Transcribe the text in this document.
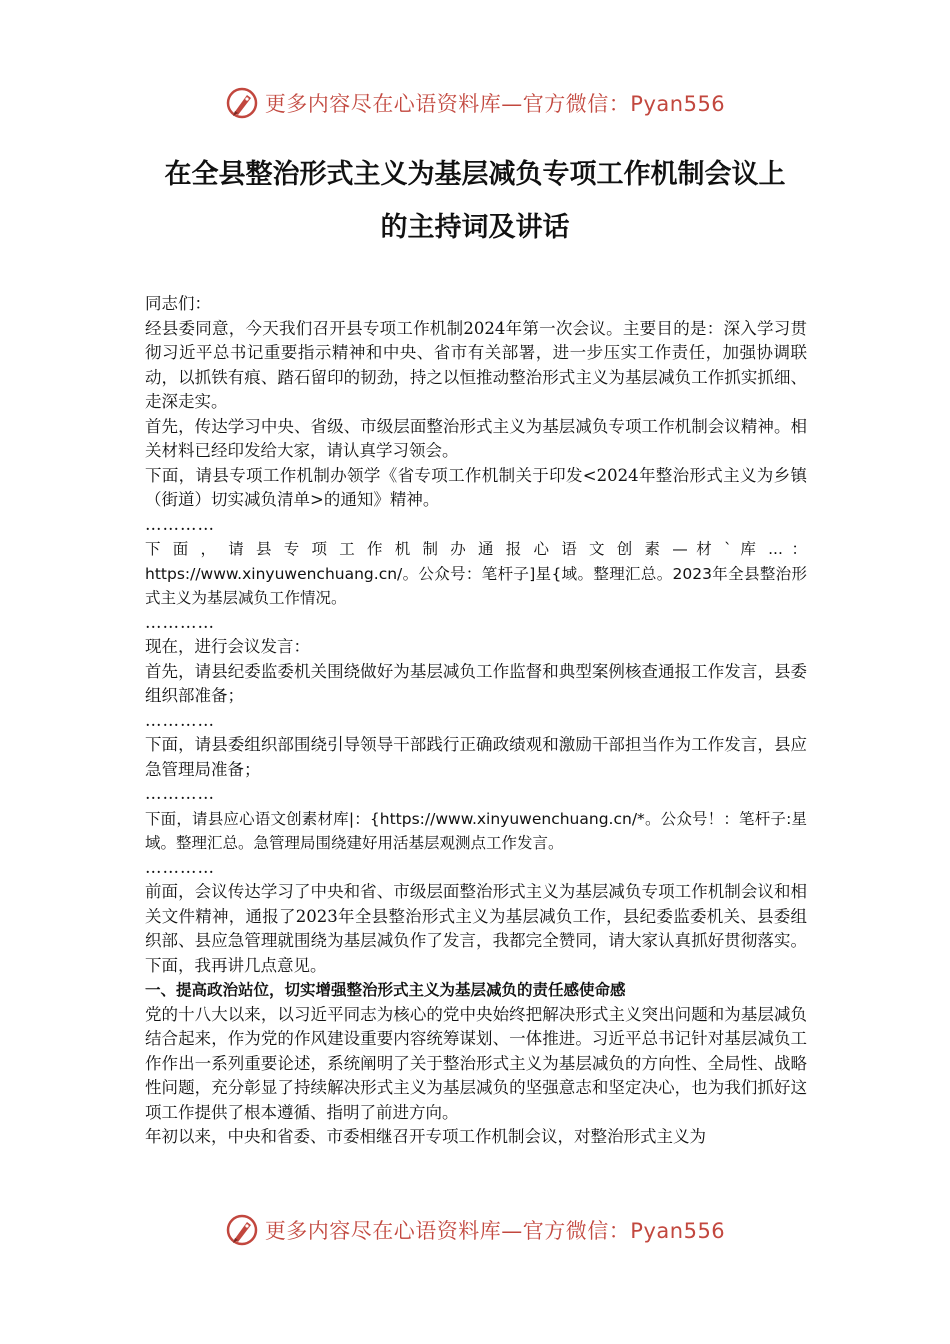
更多内容尽在心语资料库—官方微信：Pyan556
在全县整治形式主义为基层减负专项工作机制会议上
的主持词及讲话

同志们：

经县委同意，今天我们召开县专项工作机制2024年第一次会议。主要目的是：深入学习贯彻习近平总书记重要指示精神和中央、省市有关部署，进一步压实工作责任，加强协调联动，以抓铁有痕、踏石留印的韧劲，持之以恒推动整治形式主义为基层减负工作抓实抓细、走深走实。

首先，传达学习中央、省级、市级层面整治形式主义为基层减负专项工作机制会议精神。相关材料已经印发给大家，请认真学习领会。

下面，请县专项工作机制办领学《省专项工作机制关于印发<2024年整治形式主义为乡镇（街道）切实减负清单>的通知》精神。

…………

下 面 ， 请 县 专 项 工 作 机 制 办 通 报 心 语 文 创 素 — 材 ` 库 ... ： https://www.xinyuwenchuang.cn/。公众号：笔杆子]星{域。整理汇总。2023年全县整治形式主义为基层减负工作情况。

…………

现在，进行会议发言：

首先，请县纪委监委机关围绕做好为基层减负工作监督和典型案例核查通报工作发言，县委组织部准备；

…………

下面，请县委组织部围绕引导领导干部践行正确政绩观和激励干部担当作为工作发言，县应急管理局准备；

…………

下面，请县应心语文创素材库|：{https://www.xinyuwenchuang.cn/*。公众号！：笔杆子:星域。整理汇总。急管理局围绕建好用活基层观测点工作发言。

…………

前面，会议传达学习了中央和省、市级层面整治形式主义为基层减负专项工作机制会议和相关文件精神，通报了2023年全县整治形式主义为基层减负工作，县纪委监委机关、县委组织部、县应急管理就围绕为基层减负作了发言，我都完全赞同，请大家认真抓好贯彻落实。下面，我再讲几点意见。

一、提高政治站位，切实增强整治形式主义为基层减负的责任感使命感

党的十八大以来，以习近平同志为核心的党中央始终把解决形式主义突出问题和为基层减负结合起来，作为党的作风建设重要内容统筹谋划、一体推进。习近平总书记针对基层减负工作作出一系列重要论述，系统阐明了关于整治形式主义为基层减负的方向性、全局性、战略性问题，充分彰显了持续解决形式主义为基层减负的坚强意志和坚定决心，也为我们抓好这项工作提供了根本遵循、指明了前进方向。

年初以来，中央和省委、市委相继召开专项工作机制会议，对整治形式主义为

更多内容尽在心语资料库—官方微信：Pyan556
